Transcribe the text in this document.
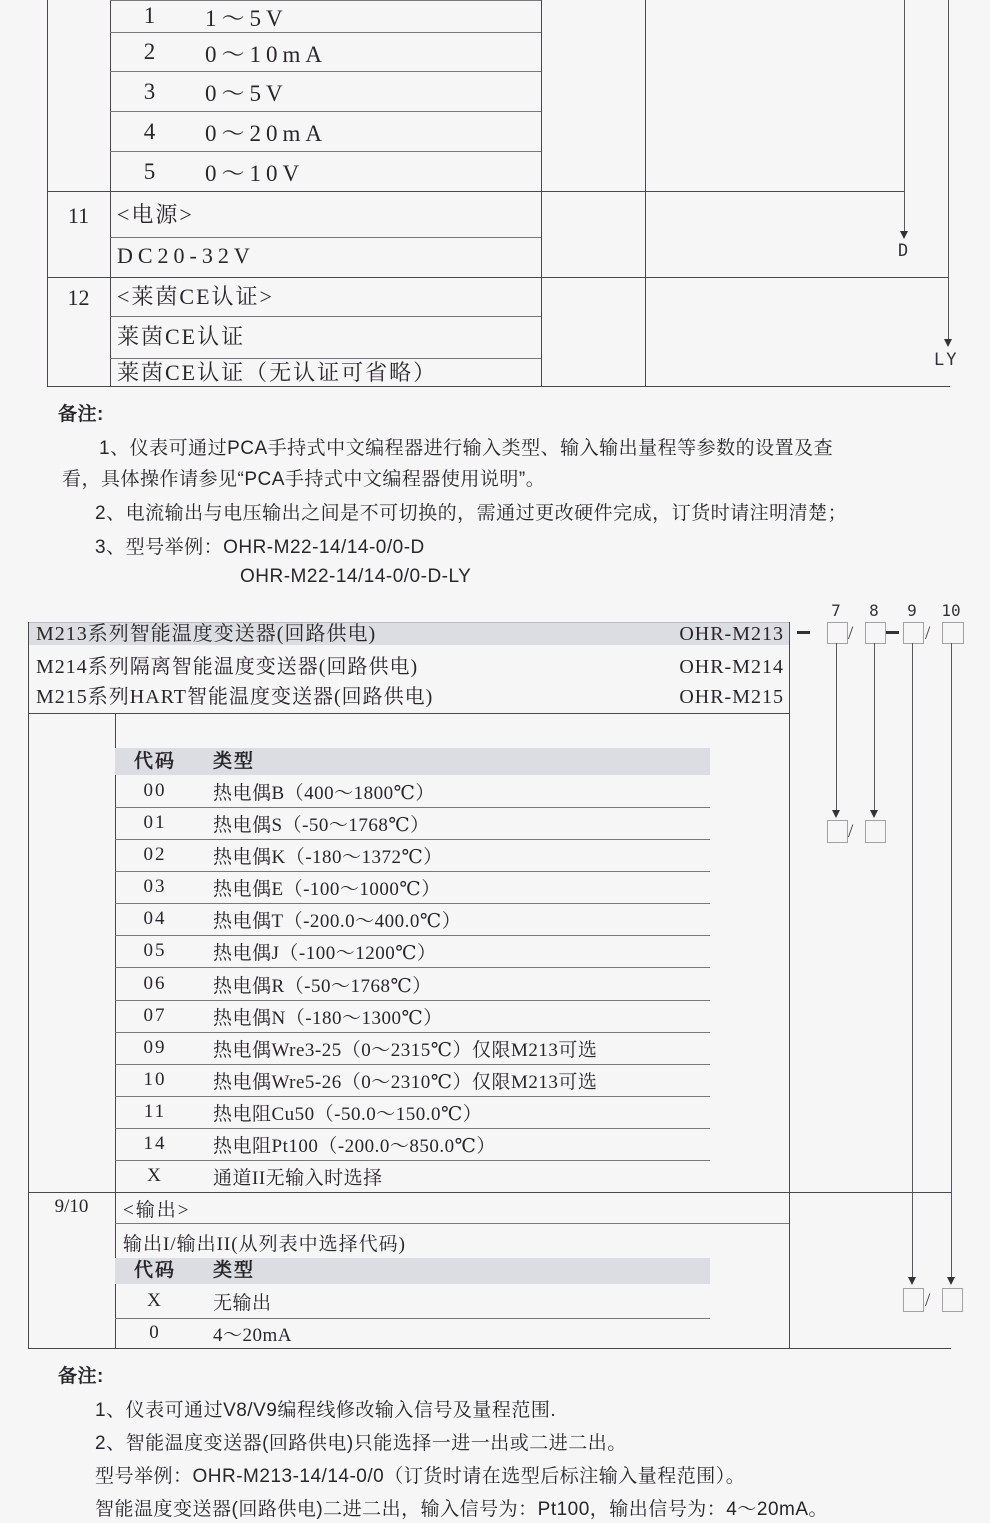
1	1～5V
2	0～10mA
3	0～5V
4	0～20mA
5	0～10V
11	<电源>
DC20-32V
12	<莱茵CE认证>
莱茵CE认证
莱茵CE认证（无认证可省略）
D
LY
备注:
1、仪表可通过PCA手持式中文编程器进行输入类型、输入输出量程等参数的设置及查
看，具体操作请参见“PCA手持式中文编程器使用说明”。
2、电流输出与电压输出之间是不可切换的，需通过更改硬件完成，订货时请注明清楚；
3、型号举例：OHR-M22-14/14-0/0-D
OHR-M22-14/14-0/0-D-LY
M213系列智能温度变送器(回路供电)	OHR-M213
M214系列隔离智能温度变送器(回路供电)	OHR-M214
M215系列HART智能温度变送器(回路供电)	OHR-M215
代码	类型
00	热电偶B（400～1800℃）
01	热电偶S（-50～1768℃）
02	热电偶K（-180～1372℃）
03	热电偶E（-100～1000℃）
04	热电偶T（-200.0～400.0℃）
05	热电偶J（-100～1200℃）
06	热电偶R（-50～1768℃）
07	热电偶N（-180～1300℃）
09	热电偶Wre3-25（0～2315℃）仅限M213可选
10	热电偶Wre5-26（0～2310℃）仅限M213可选
11	热电阻Cu50（-50.0～150.0℃）
14	热电阻Pt100（-200.0～850.0℃）
X	通道II无输入时选择
9/10	<输出>
输出I/输出II(从列表中选择代码)
代码	类型
X	无输出
0	4～20mA
7	8	9	10
/	/
/
/
备注:
1、仪表可通过V8/V9编程线修改输入信号及量程范围.
2、智能温度变送器(回路供电)只能选择一进一出或二进二出。
型号举例：OHR-M213-14/14-0/0（订货时请在选型后标注输入量程范围）。
智能温度变送器(回路供电)二进二出，输入信号为：Pt100，输出信号为：4～20mA。
